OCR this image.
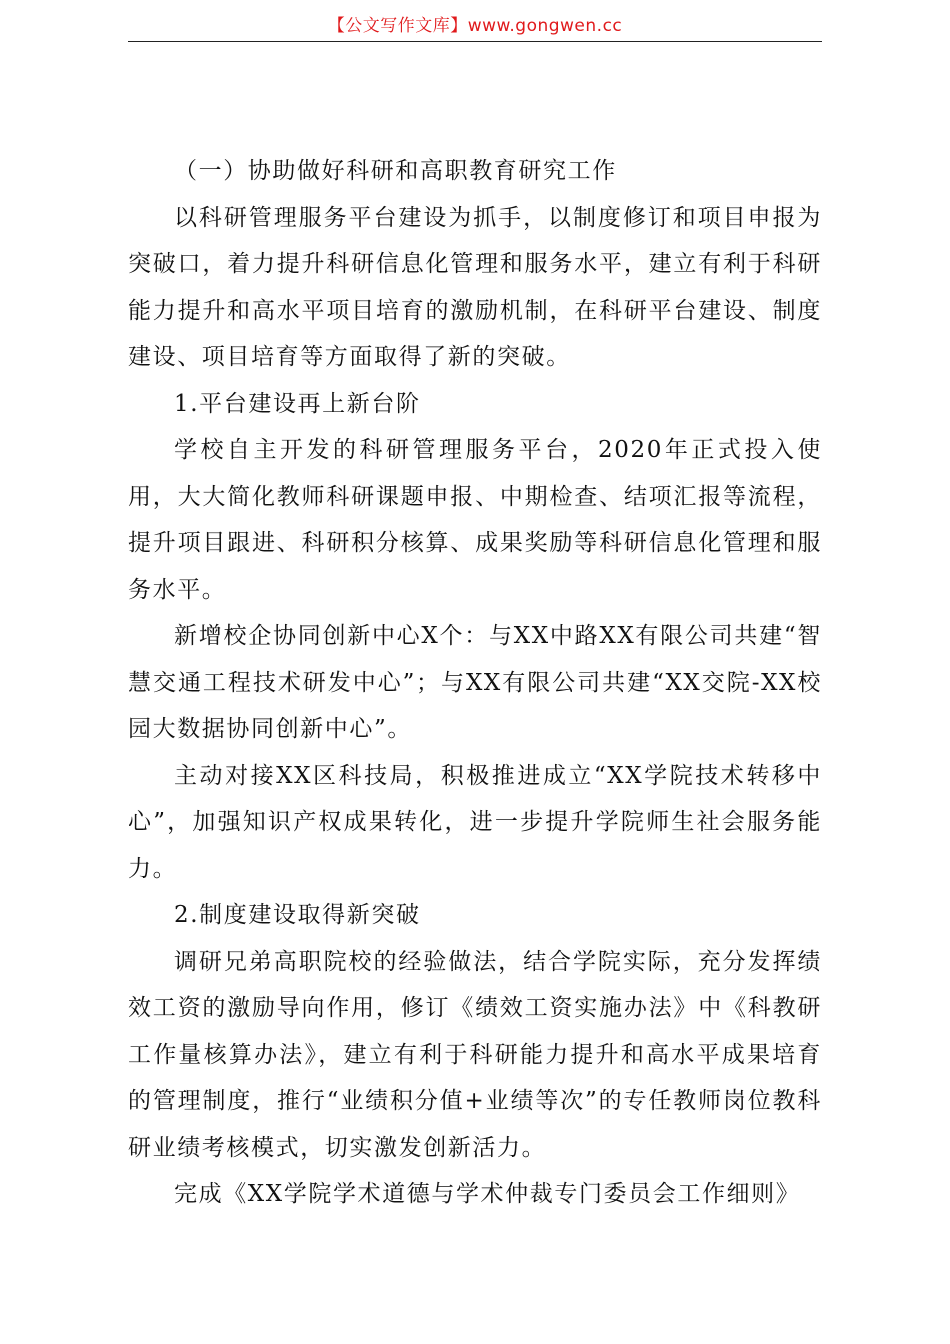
【公文写作文库】www.gongwen.cc

（一）协助做好科研和高职教育研究工作

以科研管理服务平台建设为抓手，以制度修订和项目申报为突破口，着力提升科研信息化管理和服务水平，建立有利于科研能力提升和高水平项目培育的激励机制，在科研平台建设、制度建设、项目培育等方面取得了新的突破。

1.平台建设再上新台阶

学校自主开发的科研管理服务平台，2020年正式投入使用，大大简化教师科研课题申报、中期检查、结项汇报等流程，提升项目跟进、科研积分核算、成果奖励等科研信息化管理和服务水平。

新增校企协同创新中心X个：与XX中路XX有限公司共建“智慧交通工程技术研发中心”；与XX有限公司共建“XX交院-XX校园大数据协同创新中心”。

主动对接XX区科技局，积极推进成立“XX学院技术转移中心”，加强知识产权成果转化，进一步提升学院师生社会服务能力。

2.制度建设取得新突破

调研兄弟高职院校的经验做法，结合学院实际，充分发挥绩效工资的激励导向作用，修订《绩效工资实施办法》中《科教研工作量核算办法》，建立有利于科研能力提升和高水平成果培育的管理制度，推行“业绩积分值+业绩等次”的专任教师岗位教科研业绩考核模式，切实激发创新活力。

完成《XX学院学术道德与学术仲裁专门委员会工作细则》
